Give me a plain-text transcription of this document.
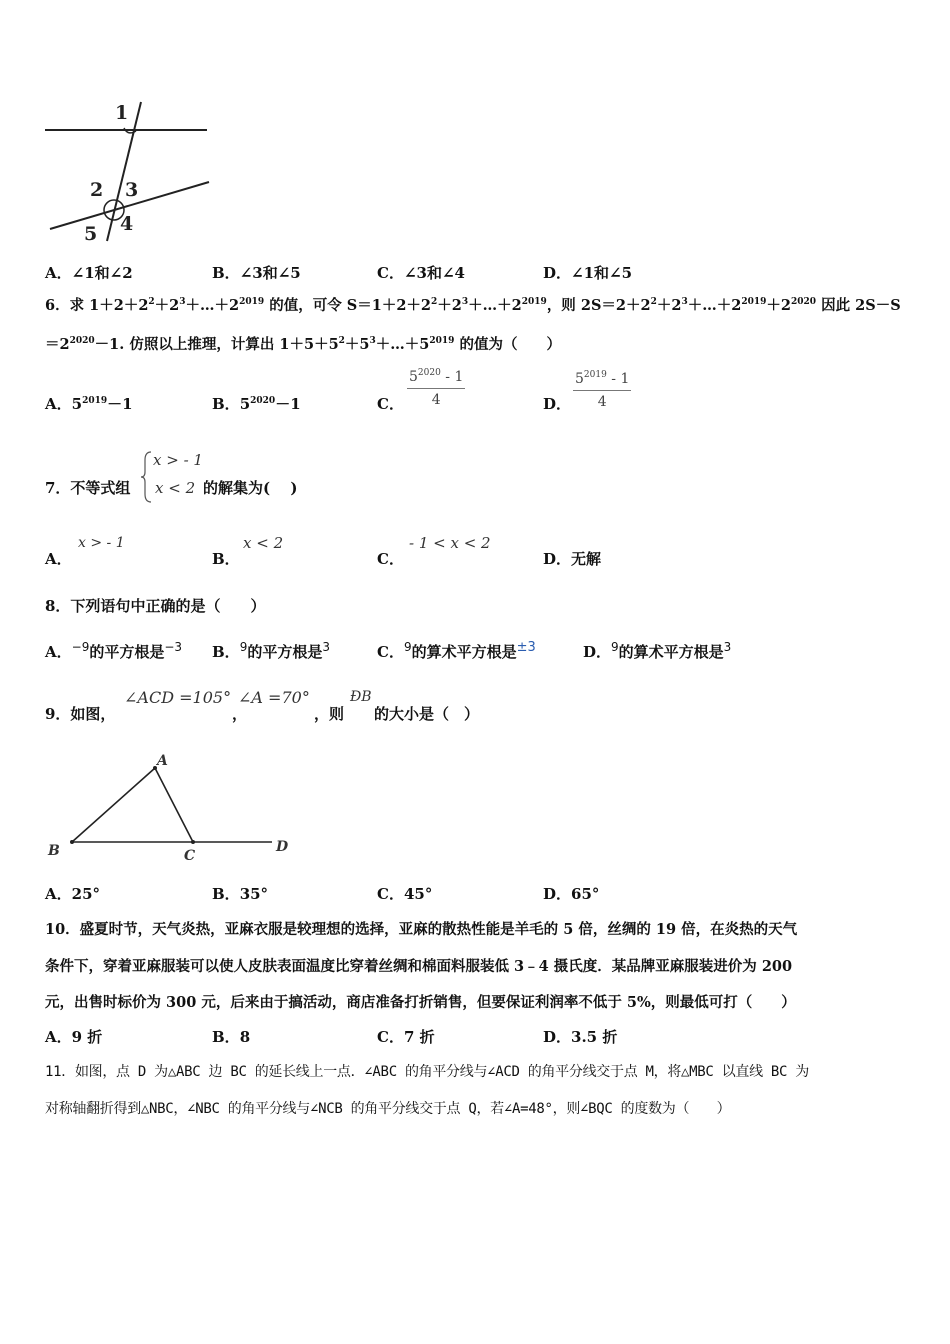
1
2 3
4
5
A．∠1和∠2	B．∠3和∠5	C．∠3和∠4	D．∠1和∠5
6．求 $1+2+2^2+2^3+\dots+2^{2019}$ 的值，可令 $S=1+2+2^2+2^3+\dots+2^{2019}$，则 $2S=2+2^2+2^3+\dots+2^{2019}+2^{2020}$ 因此 2S－S
$=2^{2020}-1$. 仿照以上推理，计算出 $1+5+5^2+5^3+\dots+5^{2019}$ 的值为（　　）
A．$5^{2019}-1$	B．$5^{2020}-1$	C． $\frac{5^{2020} - 1}{4}$	D． $\frac{5^{2019} - 1}{4}$
7．不等式组
x > - 1
x < 2 的解集为(　 )
A．
x > - 1
B．
x < 2
C．
- 1 < x < 2
D．无解
8．下列语句中正确的是（　　）
A．$^{-9}$的平方根是$^{-3}$ B．$^9$的平方根是$^3$	C．$^9$的算术平方根是±3	D．$^9$的算术平方根是$^3$
9．如图，
∠ACD =105°
，
∠A =70°
，则
ÐB
的大小是（　）
A
B	C
D
A．25°	B．35°	C．45°	D．65°
10．盛夏时节，天气炎热，亚麻衣服是较理想的选择，亚麻的散热性能是羊毛的 5 倍，丝绸的 19 倍，在炎热的天气
条件下，穿着亚麻服装可以使人皮肤表面温度比穿着丝绸和棉面料服装低 3﹣4 摄氏度．某品牌亚麻服装进价为 200
元，出售时标价为 300 元，后来由于搞活动，商店准备打折销售，但要保证利润率不低于 5%，则最低可打（　　）
A．9 折	B．8	C．7 折	D．3.5 折
11．如图，点 D 为△ABC 边 BC 的延长线上一点．∠ABC 的角平分线与∠ACD 的角平分线交于点 M，将△MBC 以直线 BC 为
对称轴翻折得到△NBC，∠NBC 的角平分线与∠NCB 的角平分线交于点 Q，若∠A=48°，则∠BQC 的度数为（　　）
